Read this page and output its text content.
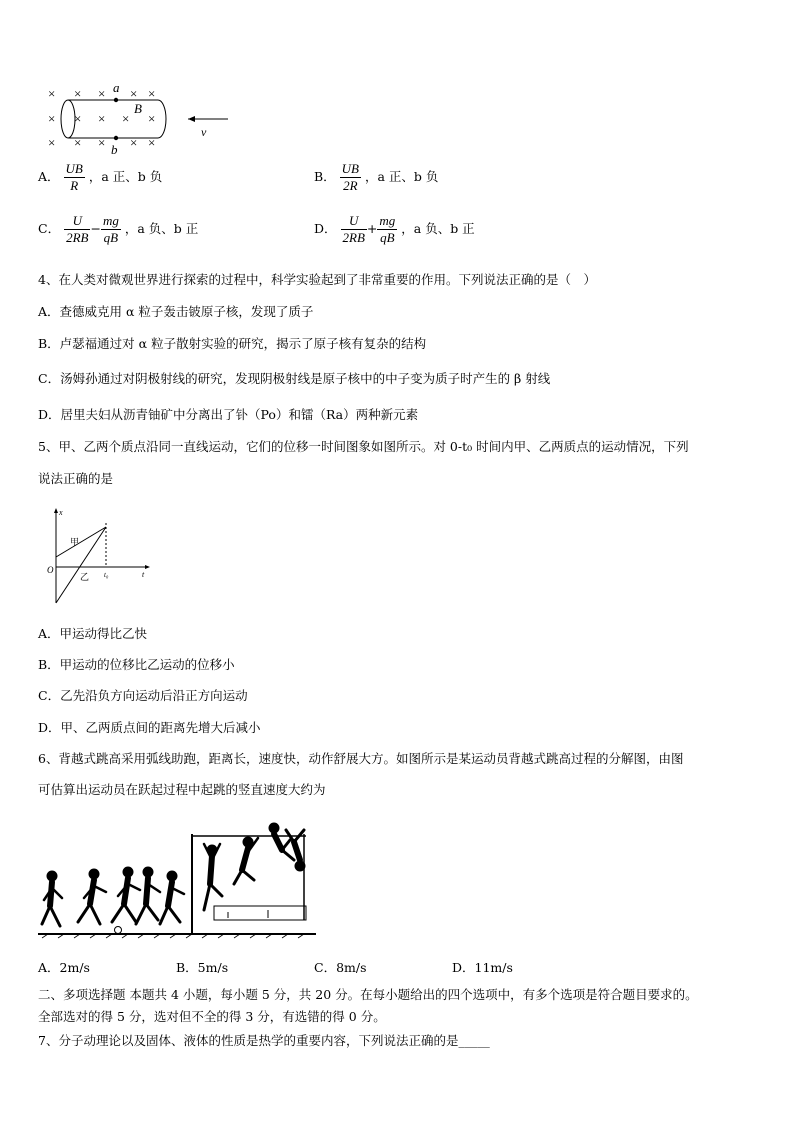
× × × × ×
× × × × ×
× × × × ×
a
b
B
v
A． $\frac{UB}{R}$ ，a 正、b 负	B． $\frac{UB}{2R}$ ，a 正、b 负
C． $\frac{U}{2RB} - \frac{mg}{qB}$ ，a 负、b 正	D． $\frac{U}{2RB} + \frac{mg}{qB}$ ，a 负、b 正
4、在人类对微观世界进行探索的过程中，科学实验起到了非常重要的作用。下列说法正确的是（　）
A．查德威克用 α 粒子轰击铍原子核，发现了质子
B．卢瑟福通过对 α 粒子散射实验的研究，揭示了原子核有复杂的结构
C．汤姆孙通过对阴极射线的研究，发现阴极射线是原子核中的中子变为质子时产生的 β 射线
D．居里夫妇从沥青铀矿中分离出了钋（Po）和镭（Ra）两种新元素
5、甲、乙两个质点沿同一直线运动，它们的位移一时间图象如图所示。对 0-t₀ 时间内甲、乙两质点的运动情况，下列
说法正确的是
x
t
O	t₀
甲
乙
A．甲运动得比乙快
B．甲运动的位移比乙运动的位移小
C．乙先沿负方向运动后沿正方向运动
D．甲、乙两质点间的距离先增大后减小
6、背越式跳高采用弧线助跑，距离长，速度快，动作舒展大方。如图所示是某运动员背越式跳高过程的分解图，由图
可估算出运动员在跃起过程中起跳的竖直速度大约为
A．2m/s	B．5m/s	C．8m/s	D．11m/s
二、多项选择题 本题共 4 小题，每小题 5 分，共 20 分。在每小题给出的四个选项中，有多个选项是符合题目要求的。
全部选对的得 5 分，选对但不全的得 3 分，有选错的得 0 分。
7、分子动理论以及固体、液体的性质是热学的重要内容，下列说法正确的是_____
